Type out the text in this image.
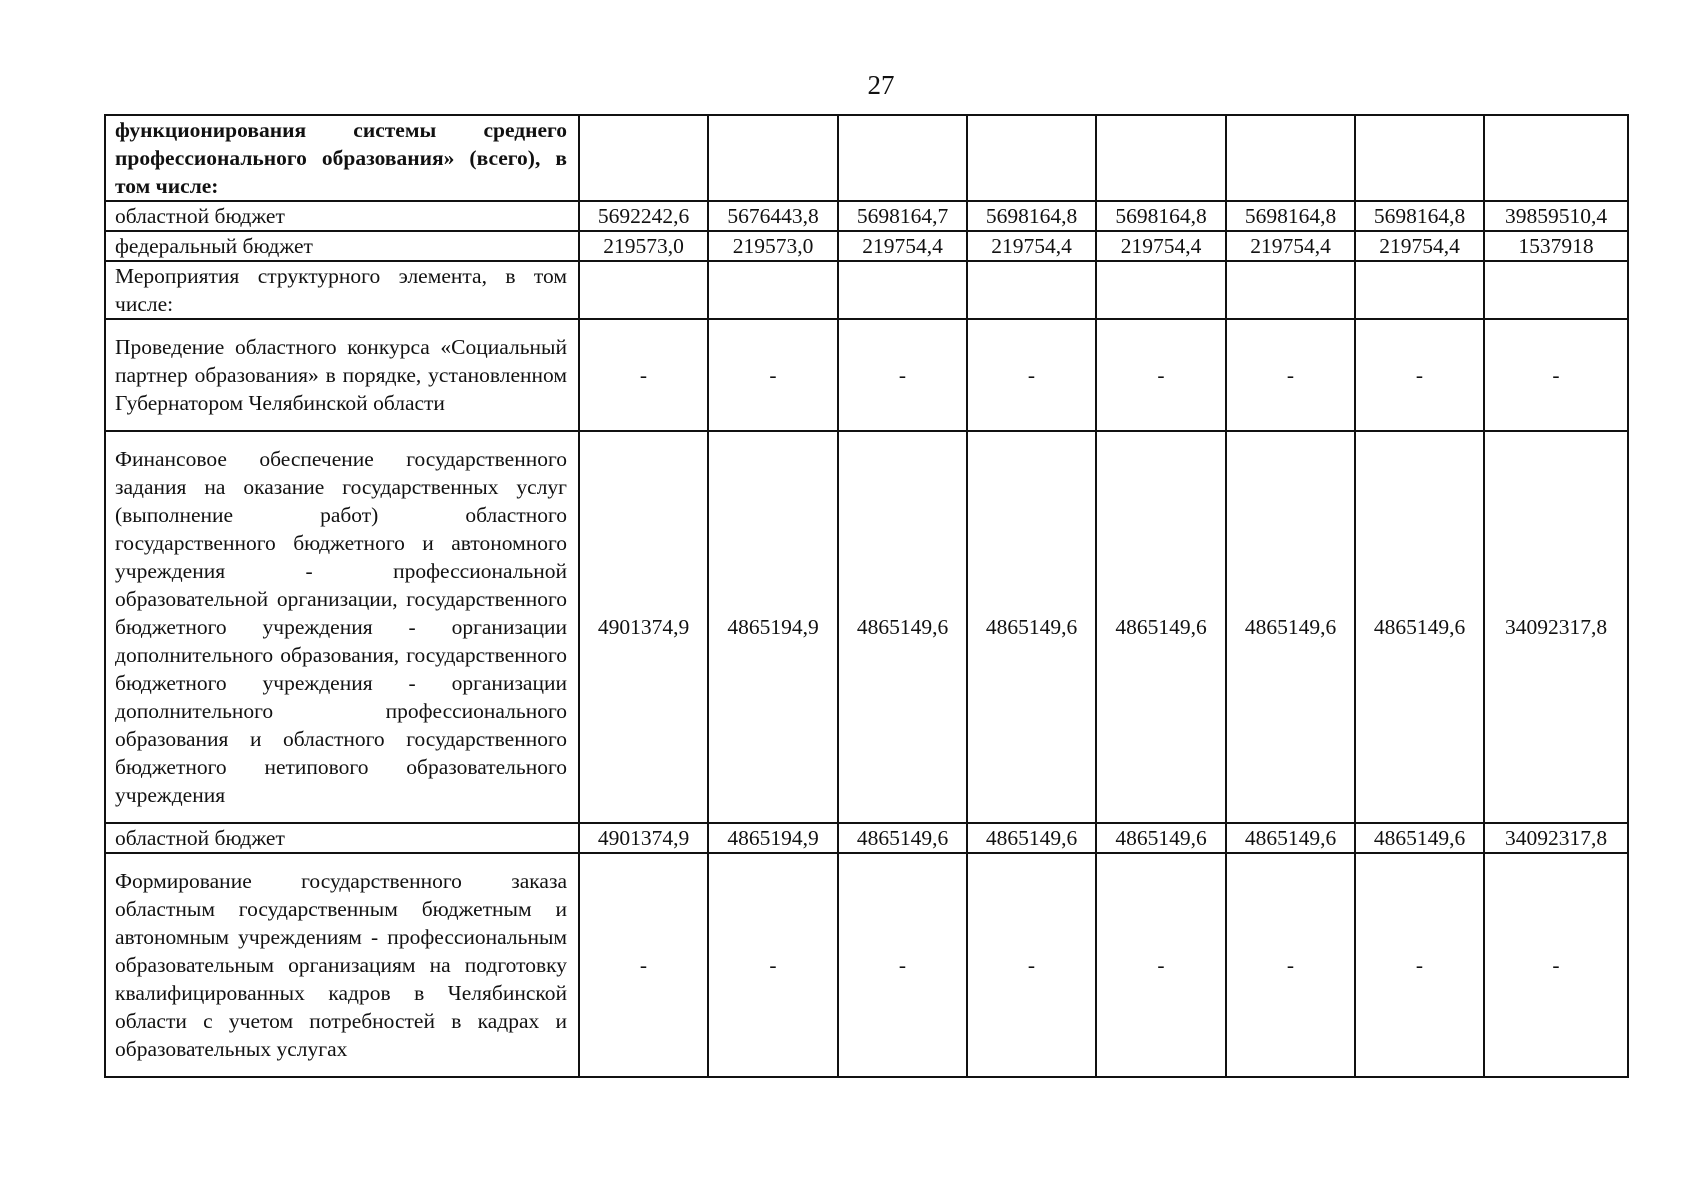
27
функционирования системы среднего профессионального образования» (всего), в том числе:								
областной бюджет	5692242,6	5676443,8	5698164,7	5698164,8	5698164,8	5698164,8	5698164,8	39859510,4
федеральный бюджет	219573,0	219573,0	219754,4	219754,4	219754,4	219754,4	219754,4	1537918
Мероприятия структурного элемента, в том числе:								
Проведение областного конкурса «Социальный партнер образования» в порядке, установленном Губернатором Челябинской области	-	-	-	-	-	-	-	-
Финансовое обеспечение государственного задания на оказание государственных услуг (выполнение работ) областного государственного бюджетного и автономного учреждения - профессиональной образовательной организации, государственного бюджетного учреждения - организации дополнительного образования, государственного бюджетного учреждения - организации дополнительного профессионального образования и областного государственного бюджетного нетипового образовательного учреждения	4901374,9	4865194,9	4865149,6	4865149,6	4865149,6	4865149,6	4865149,6	34092317,8
областной бюджет	4901374,9	4865194,9	4865149,6	4865149,6	4865149,6	4865149,6	4865149,6	34092317,8
Формирование государственного заказа областным государственным бюджетным и автономным учреждениям - профессиональным образовательным организациям на подготовку квалифицированных кадров в Челябинской области с учетом потребностей в кадрах и образовательных услугах	-	-	-	-	-	-	-	-
